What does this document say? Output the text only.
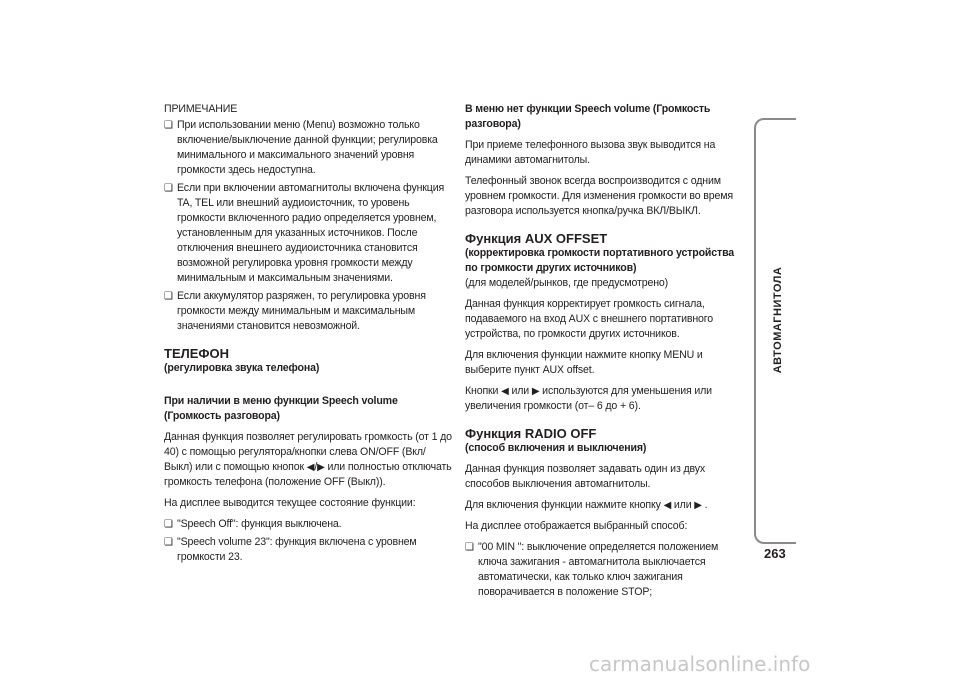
ПРИМЕЧАНИЕ

❏ При использовании меню (Menu) возможно только включение/выключение данной функции; регулировка минимального и максимального значений уровня громкости здесь недоступна.

❏ Если при включении автомагнитолы включена функция TA, TEL или внешний аудиоисточник, то уровень громкости включенного радио определяется уровнем, установленным для указанных источников. После отключения внешнего аудиоисточника становится возможной регулировка уровня громкости между минимальным и максимальным значениями.

❏ Если аккумулятор разряжен, то регулировка уровня громкости между минимальным и максимальным значениями становится невозможной.

ТЕЛЕФОН

(регулировка звука телефона)

При наличии в меню функции Speech volume

(Громкость разговора)

Данная функция позволяет регулировать громкость (от 1 до 40) с помощью регулятора/кнопки слева ON/OFF (Вкл/Выкл) или с помощью кнопок ◀/▶ или полностью отключать громкость телефона (положение OFF (Выкл)).

На дисплее выводится текущее состояние функции:

❏ "Speech Off": функция выключена.

❏ "Speech volume 23": функция включена с уровнем громкости 23.

В меню нет функции Speech volume (Громкость разговора)

При приеме телефонного вызова звук выводится на динамики автомагнитолы.

Телефонный звонок всегда воспроизводится с одним уровнем громкости. Для изменения громкости во время разговора используется кнопка/ручка ВКЛ/ВЫКЛ.

Функция AUX OFFSET

(корректировка громкости портативного устройства по громкости других источников)

(для моделей/рынков, где предусмотрено)

Данная функция корректирует громкость сигнала, подаваемого на вход AUX с внешнего портативного устройства, по громкости других источников.

Для включения функции нажмите кнопку MENU и выберите пункт AUX offset.

Кнопки ◀ или ▶ используются для уменьшения или увеличения громкости (от– 6 до + 6).

Функция RADIO OFF

(способ включения и выключения)

Данная функция позволяет задавать один из двух способов выключения автомагнитолы.

Для включения функции нажмите кнопку ◀ или ▶ .

На дисплее отображается выбранный способ:

❏ "00 MIN ": выключение определяется положением ключа зажигания - автомагнитола выключается автоматически, как только ключ зажигания поворачивается в положение STOP;

АВТОМАГНИТОЛА
263
carmanualsonline.info
